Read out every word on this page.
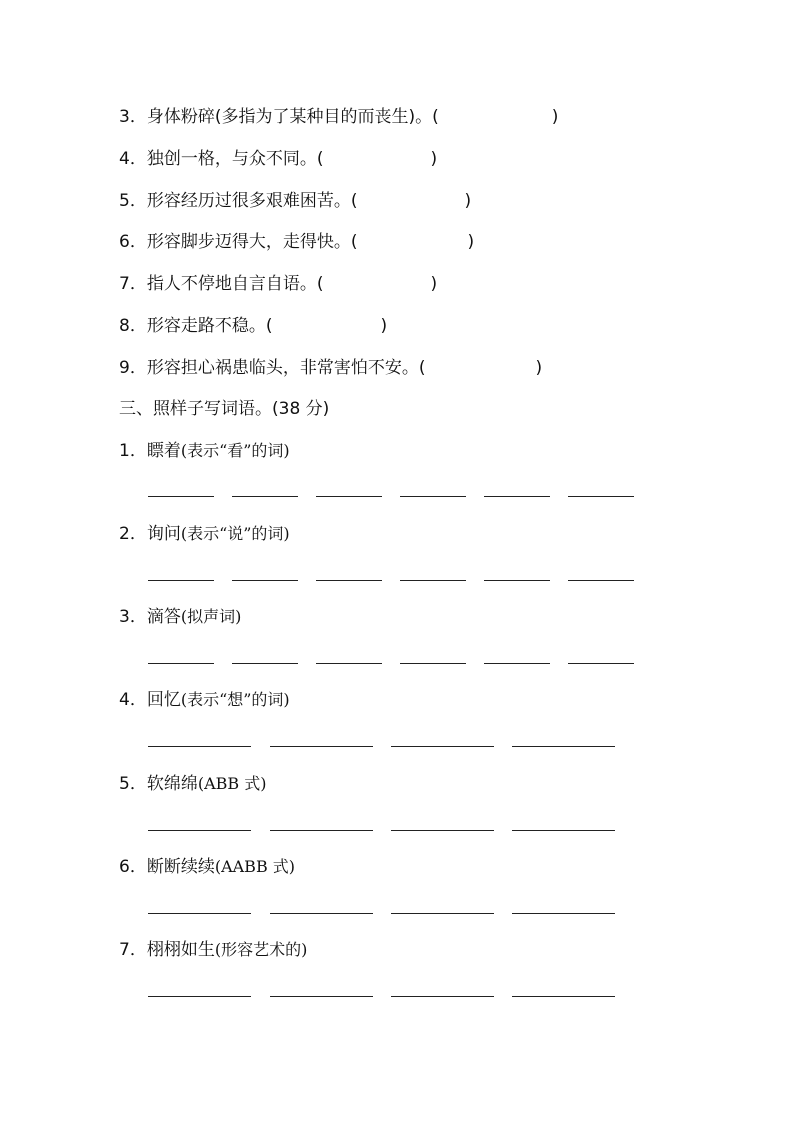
3．身体粉碎(多指为了某种目的而丧生)。(	)
4．独创一格，与众不同。(	)
5．形容经历过很多艰难困苦。(	)
6．形容脚步迈得大，走得快。(	)
7．指人不停地自言自语。(	)
8．形容走路不稳。(	)
9．形容担心祸患临头，非常害怕不安。(	)
三、照样子写词语。(38 分)
1．瞟着(表示“看”的词)
2．询问(表示“说”的词)
3．滴答(拟声词)
4．回忆(表示“想”的词)
5．软绵绵(ABB 式)
6．断断续续(AABB 式)
7．栩栩如生(形容艺术的)
